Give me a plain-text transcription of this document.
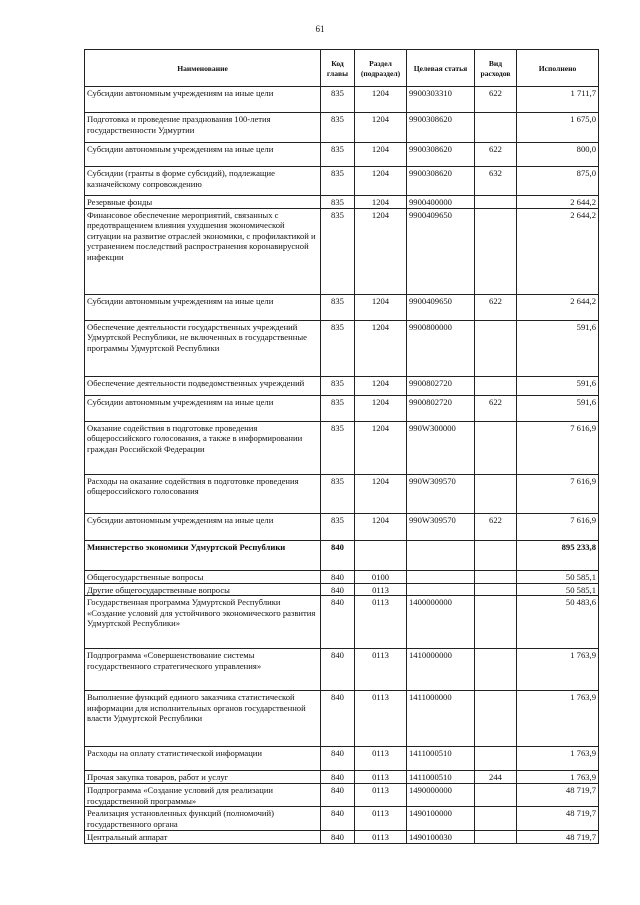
61
Наименование	Код главы	Раздел (подраздел)	Целевая статья	Вид расходов	Исполнено
Субсидии автономным учреждениям на иные цели	835	1204	9900303310	622	1 711,7
Подготовка и проведение празднования 100-летия государственности Удмуртии	835	1204	9900308620		1 675,0
Субсидии автономным учреждениям на иные цели	835	1204	9900308620	622	800,0
Субсидии (гранты в форме субсидий), подлежащие казначейскому сопровождению	835	1204	9900308620	632	875,0
Резервные фонды	835	1204	9900400000		2 644,2
Финансовое обеспечение мероприятий, связанных с предотвращением влияния ухудшения экономической ситуации на развитие отраслей экономики, с профилактикой и устранением последствий распространения коронавирусной инфекции	835	1204	9900409650		2 644,2
Субсидии автономным учреждениям на иные цели	835	1204	9900409650	622	2 644,2
Обеспечение деятельности государственных учреждений Удмуртской Республики, не включенных в государственные программы Удмуртской Республики	835	1204	9900800000		591,6
Обеспечение деятельности подведомственных учреждений	835	1204	9900802720		591,6
Субсидии автономным учреждениям на иные цели	835	1204	9900802720	622	591,6
Оказание содействия в подготовке проведения общероссийского голосования, а также в информировании граждан Российской Федерации	835	1204	990W300000		7 616,9
Расходы на оказание содействия в подготовке проведения общероссийского голосования	835	1204	990W309570		7 616,9
Субсидии автономным учреждениям на иные цели	835	1204	990W309570	622	7 616,9
Министерство экономики Удмуртской Республики	840				895 233,8
Общегосударственные вопросы	840	0100			50 585,1
Другие общегосударственные вопросы	840	0113			50 585,1
Государственная программа Удмуртской Республики «Создание условий для устойчивого экономического развития Удмуртской Республики»	840	0113	1400000000		50 483,6
Подпрограмма «Совершенствование системы государственного стратегического управления»	840	0113	1410000000		1 763,9
Выполнение функций единого заказчика статистической информации для исполнительных органов государственной власти Удмуртской Республики	840	0113	1411000000		1 763,9
Расходы на оплату статистической информации	840	0113	1411000510		1 763,9
Прочая закупка товаров, работ и услуг	840	0113	1411000510	244	1 763,9
Подпрограмма «Создание условий для реализации государственной программы»	840	0113	1490000000		48 719,7
Реализация установленных функций (полномочий) государственного органа	840	0113	1490100000		48 719,7
Центральный аппарат	840	0113	1490100030		48 719,7
